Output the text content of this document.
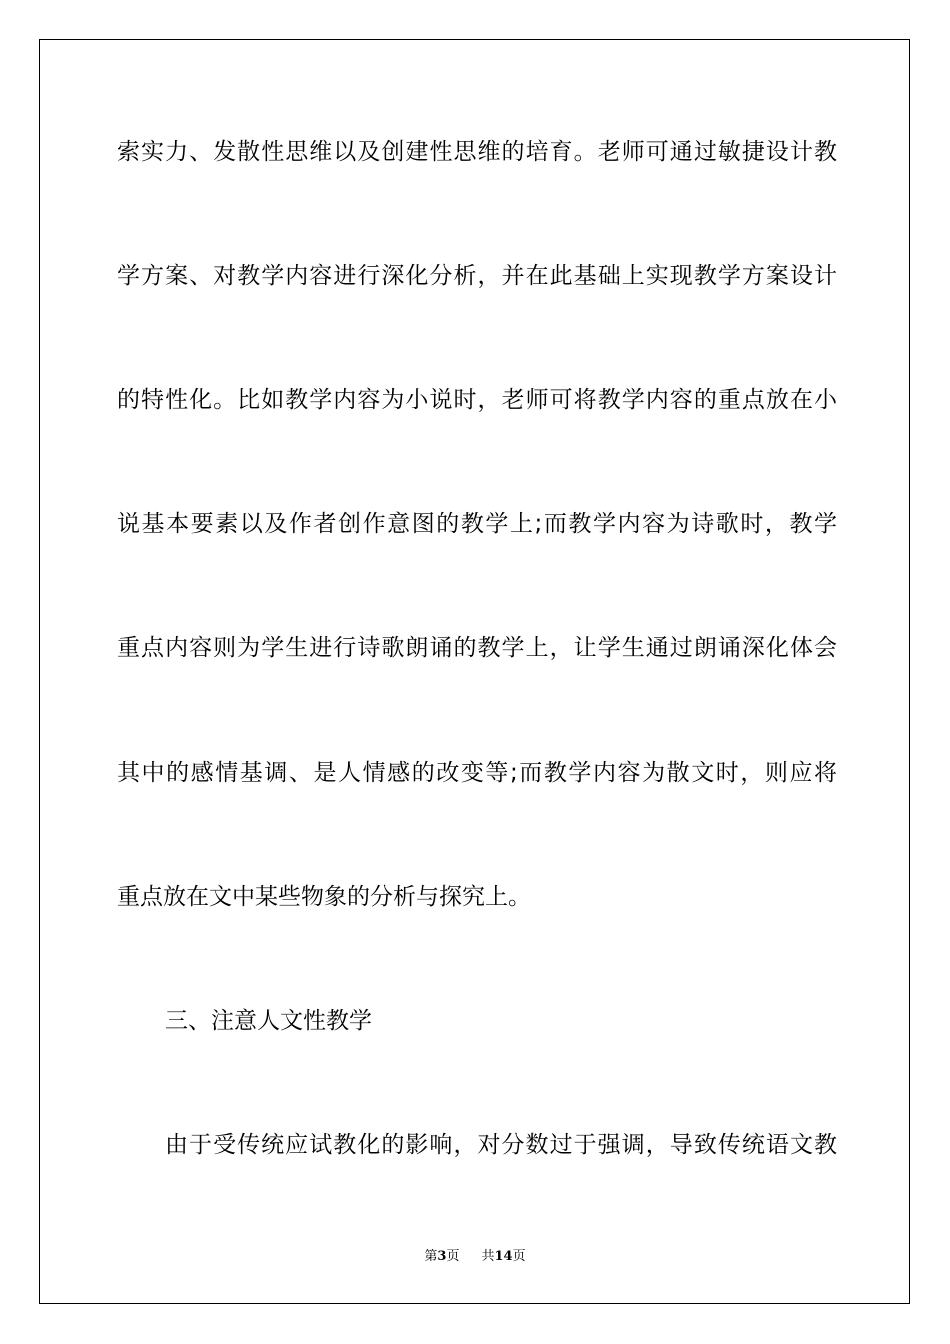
索实力、发散性思维以及创建性思维的培育。老师可通过敏捷设计教
学方案、对教学内容进行深化分析，并在此基础上实现教学方案设计
的特性化。比如教学内容为小说时，老师可将教学内容的重点放在小
说基本要素以及作者创作意图的教学上;而教学内容为诗歌时，教学
重点内容则为学生进行诗歌朗诵的教学上，让学生通过朗诵深化体会
其中的感情基调、是人情感的改变等;而教学内容为散文时，则应将
重点放在文中某些物象的分析与探究上。
三、注意人文性教学
由于受传统应试教化的影响，对分数过于强调，导致传统语文教
第3页 共14页
